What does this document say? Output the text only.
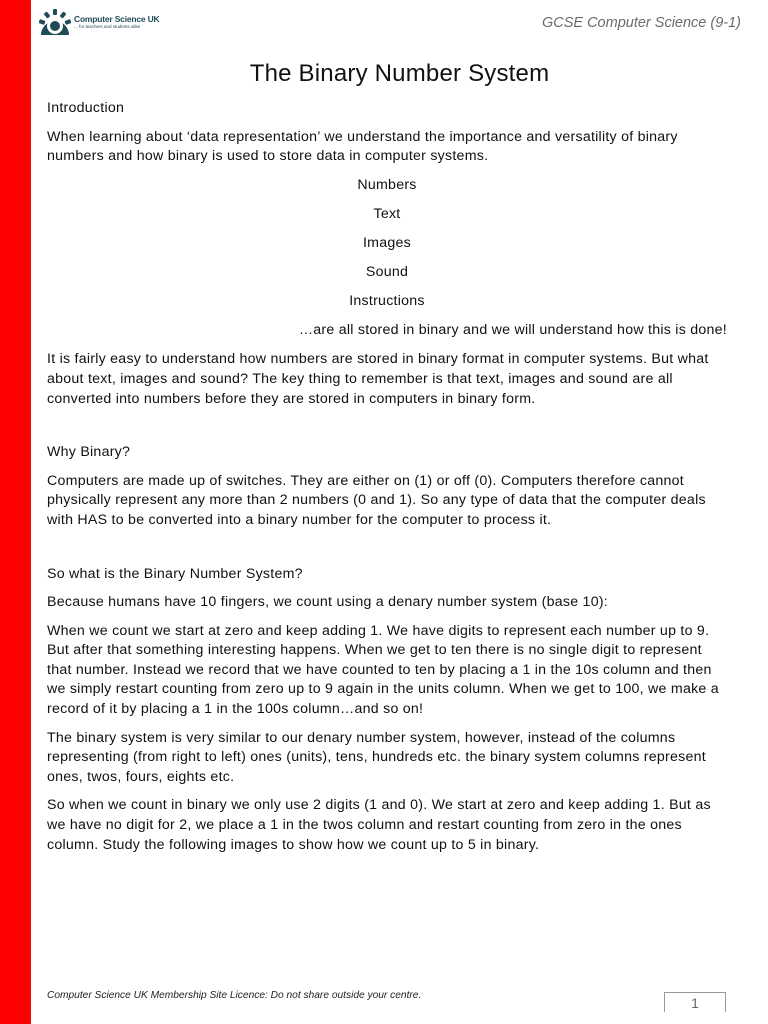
Computer Science UK
... for teachers and students alike	GCSE Computer Science (9-1)
The Binary Number System

Introduction

When learning about ‘data representation’ we understand the importance and versatility of binary numbers and how binary is used to store data in computer systems.

Numbers

Text

Images

Sound

Instructions

…are all stored in binary and we will understand how this is done!

It is fairly easy to understand how numbers are stored in binary format in computer systems. But what about text, images and sound? The key thing to remember is that text, images and sound are all converted into numbers before they are stored in computers in binary form.

Why Binary?

Computers are made up of switches. They are either on (1) or off (0). Computers therefore cannot physically represent any more than 2 numbers (0 and 1). So any type of data that the computer deals with HAS to be converted into a binary number for the computer to process it.

So what is the Binary Number System?

Because humans have 10 fingers, we count using a denary number system (base 10):

When we count we start at zero and keep adding 1. We have digits to represent each number up to 9. But after that something interesting happens. When we get to ten there is no single digit to represent that number. Instead we record that we have counted to ten by placing a 1 in the 10s column and then we simply restart counting from zero up to 9 again in the units column. When we get to 100, we make a record of it by placing a 1 in the 100s column…and so on!

The binary system is very similar to our denary number system, however, instead of the columns representing (from right to left) ones (units), tens, hundreds etc. the binary system columns represent ones, twos, fours, eights etc.

So when we count in binary we only use 2 digits (1 and 0). We start at zero and keep adding 1. But as we have no digit for 2, we place a 1 in the twos column and restart counting from zero in the ones column. Study the following images to show how we count up to 5 in binary.

Computer Science UK Membership Site Licence: Do not share outside your centre.	1
